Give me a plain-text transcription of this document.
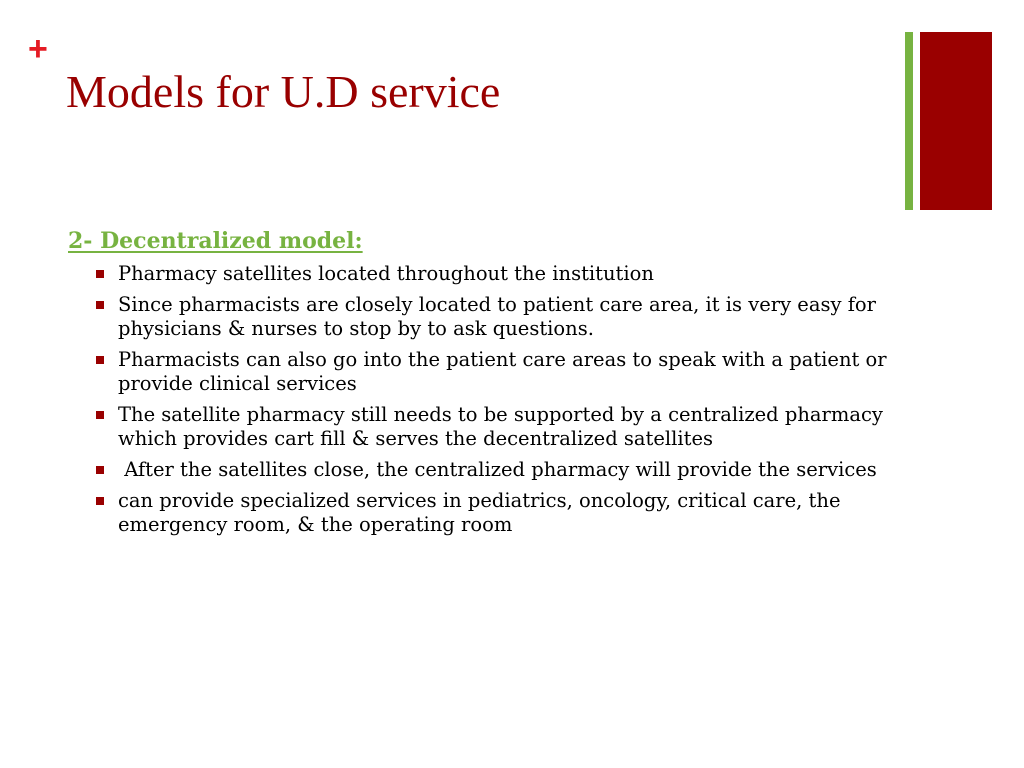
+
Models for U.D service
2- Decentralized model:
Pharmacy satellites located throughout the institution
Since pharmacists are closely located to patient care area, it is very easy for physicians & nurses to stop by to ask questions.
Pharmacists can also go into the patient care areas to speak with a patient or provide clinical services
The satellite pharmacy still needs to be supported by a centralized pharmacy which provides cart fill & serves the decentralized satellites
After the satellites close, the centralized pharmacy will provide the services
can provide specialized services in pediatrics, oncology, critical care, the emergency room, & the operating room
